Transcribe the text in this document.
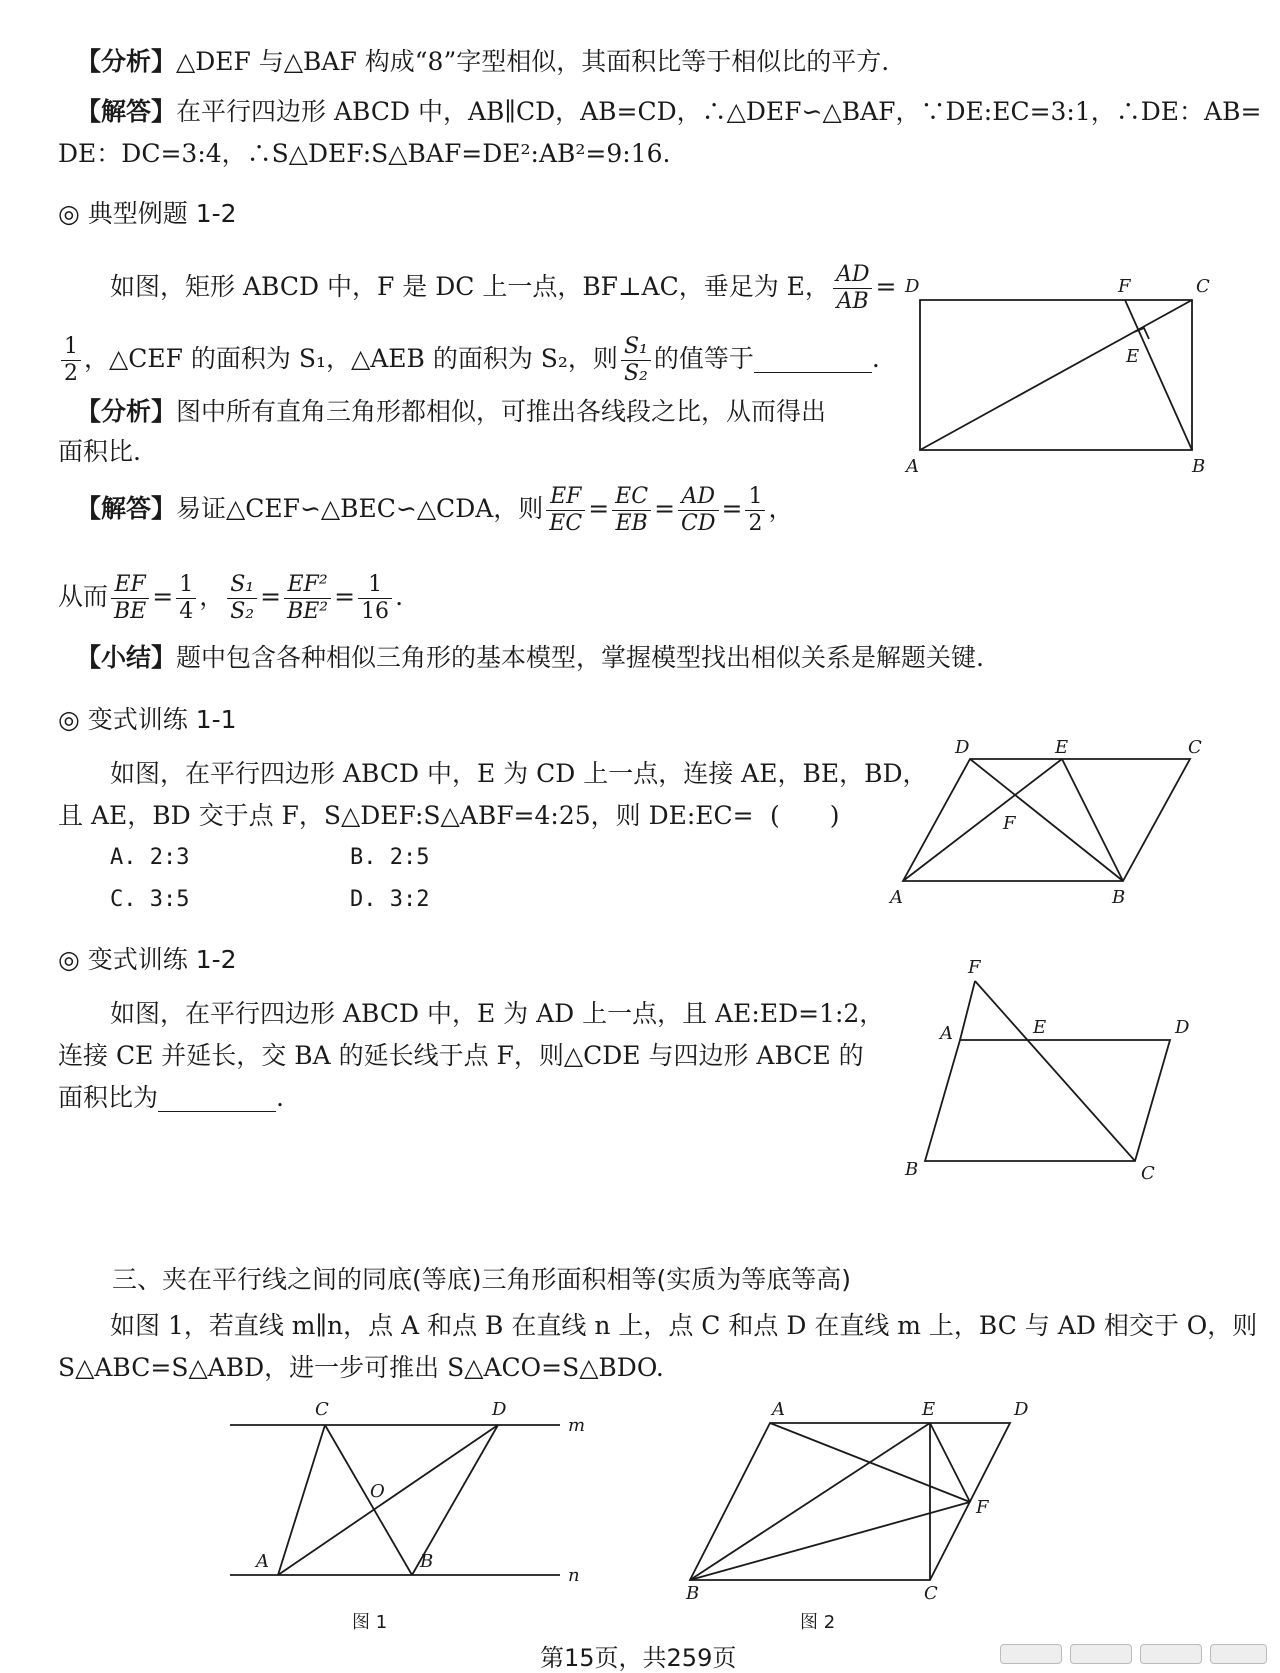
【分析】△DEF 与△BAF 构成“8”字型相似，其面积比等于相似比的平方.
【解答】在平行四边形 ABCD 中，AB∥CD，AB=CD，∴△DEF∽△BAF，∵DE:EC=3:1，∴DE：AB=
DE：DC=3:4，∴S△DEF:S△BAF=DE²:AB²=9:16.
◎ 典型例题 1-2
如图，矩形 ABCD 中，F 是 DC 上一点，BF⊥AC，垂足为 E， $\frac{AD}{AB}$ =
$\frac{1}{2}$ ，△CEF 的面积为 S₁，△AEB 的面积为 S₂，则 $\frac{\text{S₁}}{\text{S₂}}$ 的值等于	.
【分析】图中所有直角三角形都相似，可推出各线段之比，从而得出
面积比.
【解答】易证△CEF∽△BEC∽△CDA，则 $\frac{EF}{EC} = \frac{EC}{EB} = \frac{AD}{CD} = \frac{1}{2}$ ，
从而 $\frac{EF}{BE} = \frac{1}{4}$ ， $\frac{\text{S₁}}{\text{S₂}} = \frac{\text{EF²}}{\text{BE²}} = \frac{1}{16}$ .
【小结】题中包含各种相似三角形的基本模型，掌握模型找出相似关系是解题关键.
D	F	C
E
A	B
◎ 变式训练 1-1
如图，在平行四边形 ABCD 中，E 为 CD 上一点，连接 AE，BE，BD，
且 AE，BD 交于点 F，S△DEF:S△ABF=4:25，则 DE:EC= (　　)
A. 2:3	B. 2:5
C. 3:5	D. 3:2
D	E	C
F
A	B
◎ 变式训练 1-2
如图，在平行四边形 ABCD 中，E 为 AD 上一点，且 AE:ED=1:2，
连接 CE 并延长，交 BA 的延长线于点 F，则△CDE 与四边形 ABCE 的
面积比为	.
F
A	E	D
B	C
三、夹在平行线之间的同底(等底)三角形面积相等(实质为等底等高)
如图 1，若直线 m∥n，点 A 和点 B 在直线 n 上，点 C 和点 D 在直线 m 上，BC 与 AD 相交于 O，则
S△ABC=S△ABD，进一步可推出 S△ACO=S△BDO.
C	D
m
O
A	B
n
图 1
A	E	D
F
B	C
图 2
第15页，共259页
